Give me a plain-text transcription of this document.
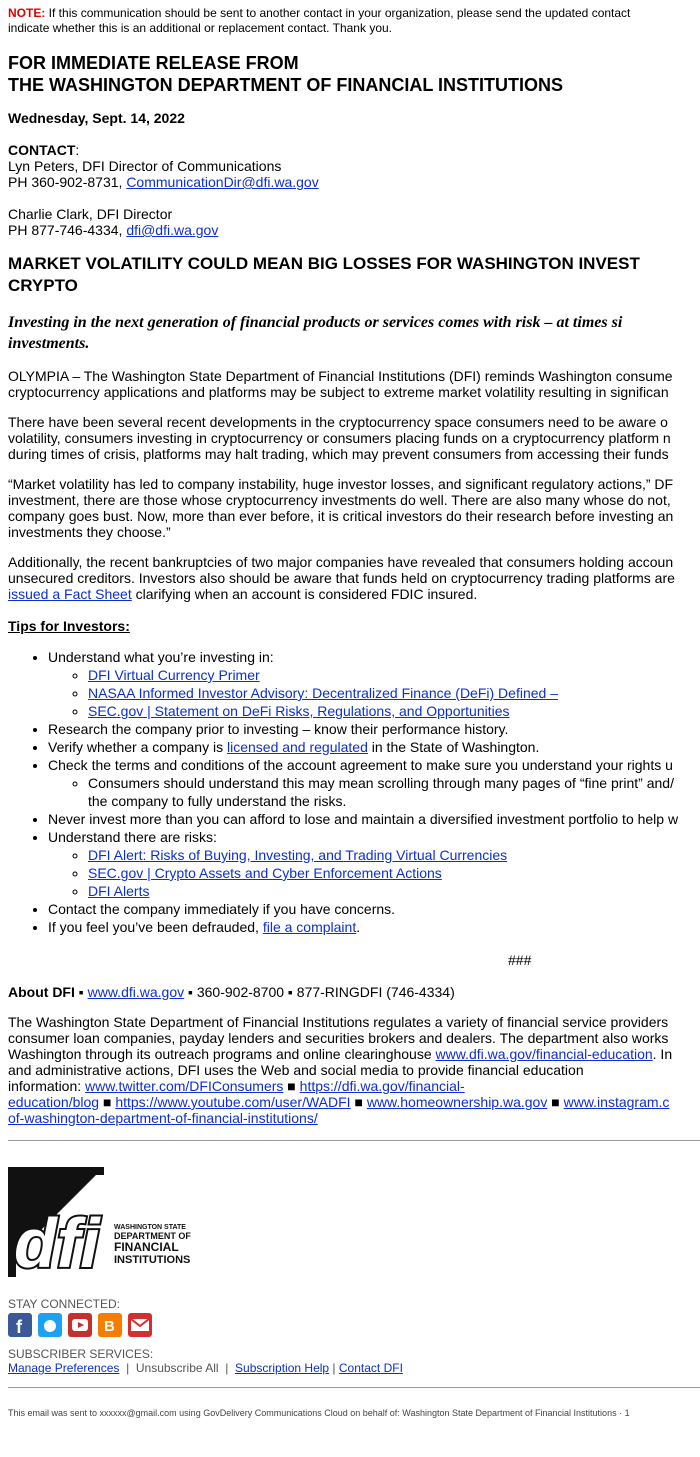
NOTE: If this communication should be sent to another contact in your organization, please send the updated contact
indicate whether this is an additional or replacement contact. Thank you.
FOR IMMEDIATE RELEASE FROM
THE WASHINGTON DEPARTMENT OF FINANCIAL INSTITUTIONS
Wednesday, Sept. 14, 2022
CONTACT:
Lyn Peters, DFI Director of Communications
PH 360-902-8731, CommunicationDir@dfi.wa.gov
Charlie Clark, DFI Director
PH 877-746-4334, dfi@dfi.wa.gov
MARKET VOLATILITY COULD MEAN BIG LOSSES FOR WASHINGTON INVEST
CRYPTO
Investing in the next generation of financial products or services comes with risk – at times si
investments.

OLYMPIA – The Washington State Department of Financial Institutions (DFI) reminds Washington consume
cryptocurrency applications and platforms may be subject to extreme market volatility resulting in significan

There have been several recent developments in the cryptocurrency space consumers need to be aware o
volatility, consumers investing in cryptocurrency or consumers placing funds on a cryptocurrency platform n
during times of crisis, platforms may halt trading, which may prevent consumers from accessing their funds

“Market volatility has led to company instability, huge investor losses, and significant regulatory actions,” DF
investment, there are those whose cryptocurrency investments do well. There are also many whose do not,
company goes bust. Now, more than ever before, it is critical investors do their research before investing an
investments they choose.”

Additionally, the recent bankruptcies of two major companies have revealed that consumers holding accoun
unsecured creditors. Investors also should be aware that funds held on cryptocurrency trading platforms are
issued a Fact Sheet clarifying when an account is considered FDIC insured.

Tips for Investors:
• Understand what you’re investing in:
◦ DFI Virtual Currency Primer
◦ NASAA Informed Investor Advisory: Decentralized Finance (DeFi) Defined –
◦ SEC.gov | Statement on DeFi Risks, Regulations, and Opportunities
• Research the company prior to investing – know their performance history.
• Verify whether a company is licensed and regulated in the State of Washington.
• Check the terms and conditions of the account agreement to make sure you understand your rights u
◦ Consumers should understand this may mean scrolling through many pages of “fine print” and/
the company to fully understand the risks.
• Never invest more than you can afford to lose and maintain a diversified investment portfolio to help w
• Understand there are risks:
◦ DFI Alert: Risks of Buying, Investing, and Trading Virtual Currencies
◦ SEC.gov | Crypto Assets and Cyber Enforcement Actions
◦ DFI Alerts
• Contact the company immediately if you have concerns.
• If you feel you’ve been defrauded, file a complaint.
###
About DFI ▪ www.dfi.wa.gov ▪ 360-902-8700 ▪ 877-RINGDFI (746-4334)

The Washington State Department of Financial Institutions regulates a variety of financial service providers
consumer loan companies, payday lenders and securities brokers and dealers. The department also works
Washington through its outreach programs and online clearinghouse www.dfi.wa.gov/financial-education. In
and administrative actions, DFI uses the Web and social media to provide financial education
information: www.twitter.com/DFIConsumers ■ https://dfi.wa.gov/financial-
education/blog ■ https://www.youtube.com/user/WADFI ■ www.homeownership.wa.gov ■ www.instagram.c
of-washington-department-of-financial-institutions/

dfi WASHINGTON STATE
DEPARTMENT OF
FINANCIAL
INSTITUTIONS
STAY CONNECTED:
f
	B

SUBSCRIBER SERVICES:
Manage Preferences  |  Unsubscribe All  |  Subscription Help | Contact DFI
This email was sent to xxxxxx@gmail.com using GovDelivery Communications Cloud on behalf of: Washington State Department of Financial Institutions · 1
